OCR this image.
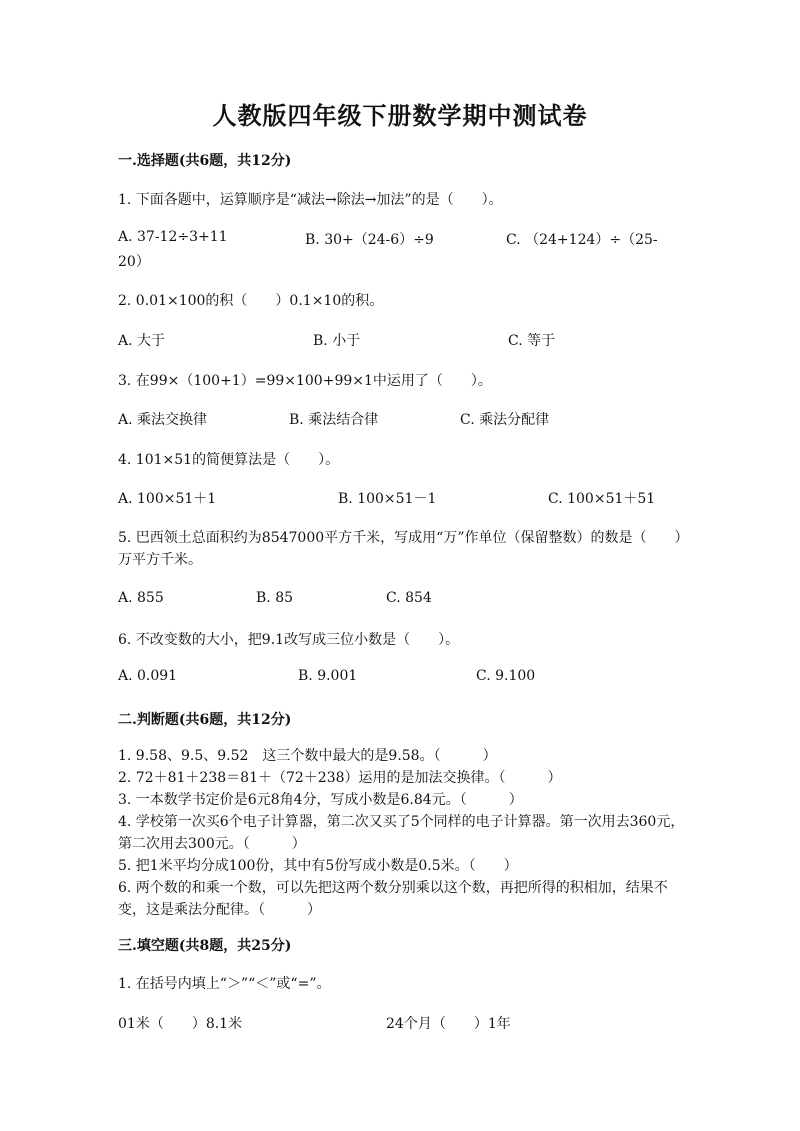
人教版四年级下册数学期中测试卷
一.选择题(共6题，共12分)
1. 下面各题中，运算顺序是“减法→除法→加法”的是（　　）。
A. 37-12÷3+11	B. 30+（24-6）÷9	C. （24+124）÷（25-
20）
2. 0.01×100的积（　　）0.1×10的积。
A. 大于	B. 小于	C. 等于
3. 在99×（100+1）=99×100+99×1中运用了（　　）。
A. 乘法交换律	B. 乘法结合律	C. 乘法分配律
4. 101×51的简便算法是（　　）。
A. 100×51＋1	B. 100×51－1	C. 100×51＋51
5. 巴西领土总面积约为8547000平方千米，写成用“万”作单位（保留整数）的数是（　　）万平方千米。
A. 855	B. 85	C. 854
6. 不改变数的大小，把9.1改写成三位小数是（　　）。
A. 0.091	B. 9.001	C. 9.100
二.判断题(共6题，共12分)
1. 9.58、9.5、9.52　这三个数中最大的是9.58。（　　　）
2. 72＋81＋238＝81＋（72＋238）运用的是加法交换律。（　　　）
3. 一本数学书定价是6元8角4分，写成小数是6.84元。（　　　）
4. 学校第一次买6个电子计算器，第二次又买了5个同样的电子计算器。第一次用去360元，第二次用去300元。（　　　）
5. 把1米平均分成100份，其中有5份写成小数是0.5米。（　　）
6. 两个数的和乘一个数，可以先把这两个数分别乘以这个数，再把所得的积相加，结果不变，这是乘法分配律。（　　　）
三.填空题(共8题，共25分)
1. 在括号内填上“＞”“＜”或“=”。
01米（　　）8.1米	24个月（　　）1年
